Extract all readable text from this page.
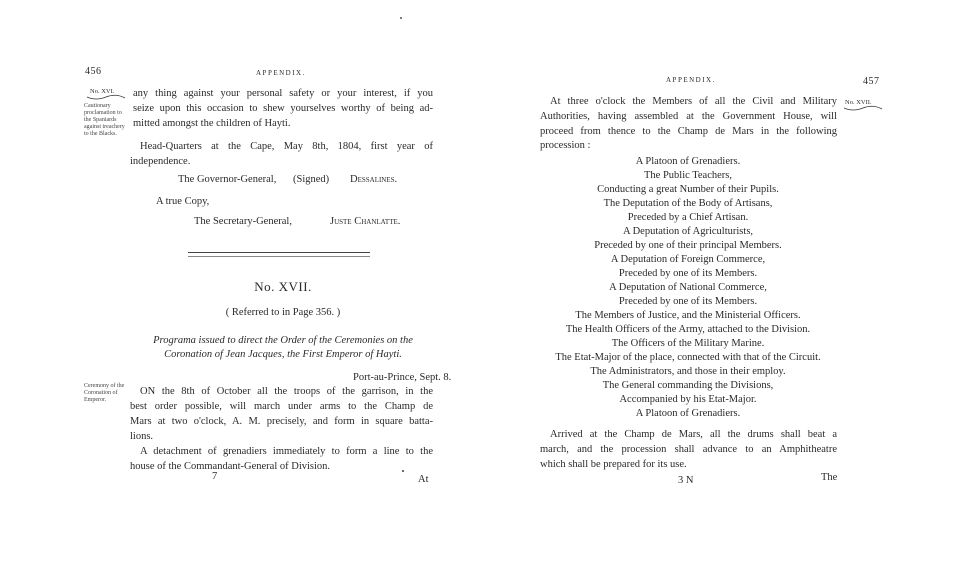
456	APPENDIX.
No. XVI.
Cautionary proclamation to the Spaniards against treachery to the Blacks.
any thing against your personal safety or your interest, if you
seize upon this occasion to shew yourselves worthy of being ad-
mitted amongst the children of Hayti.
Head-Quarters at the Cape, May 8th, 1804, first year of
independence.
The Governor-General, (Signed) Dessalines.
A true Copy,
The Secretary-General,	Juste Chanlatte.
No. XVII.
( Referred to in Page 356. )
Programa issued to direct the Order of the Ceremonies on the
Coronation of Jean Jacques, the First Emperor of Hayti.
Port-au-Prince, Sept. 8.
Ceremony of the Coronation of Emperor.
ON the 8th of October all the troops of the garrison, in the
best order possible, will march under arms to the Champ de
Mars at two o'clock, A. M. precisely, and form in square batta-
lions.
A detachment of grenadiers immediately to form a line to the
house of the Commandant-General of Division.
7	At
APPENDIX.	457
No. XVII.
At three o'clock the Members of all the Civil and Military
Authorities, having assembled at the Government House, will
proceed from thence to the Champ de Mars in the following
procession :
A Platoon of Grenadiers.
The Public Teachers,
Conducting a great Number of their Pupils.
The Deputation of the Body of Artisans,
Preceded by a Chief Artisan.
A Deputation of Agriculturists,
Preceded by one of their principal Members.
A Deputation of Foreign Commerce,
Preceded by one of its Members.
A Deputation of National Commerce,
Preceded by one of its Members.
The Members of Justice, and the Ministerial Officers.
The Health Officers of the Army, attached to the Division.
The Officers of the Military Marine.
The Etat-Major of the place, connected with that of the Circuit.
The Administrators, and those in their employ.
The General commanding the Divisions,
Accompanied by his Etat-Major.
A Platoon of Grenadiers.
Arrived at the Champ de Mars, all the drums shall beat a
march, and the procession shall advance to an Amphitheatre
which shall be prepared for its use.
3 N	The
